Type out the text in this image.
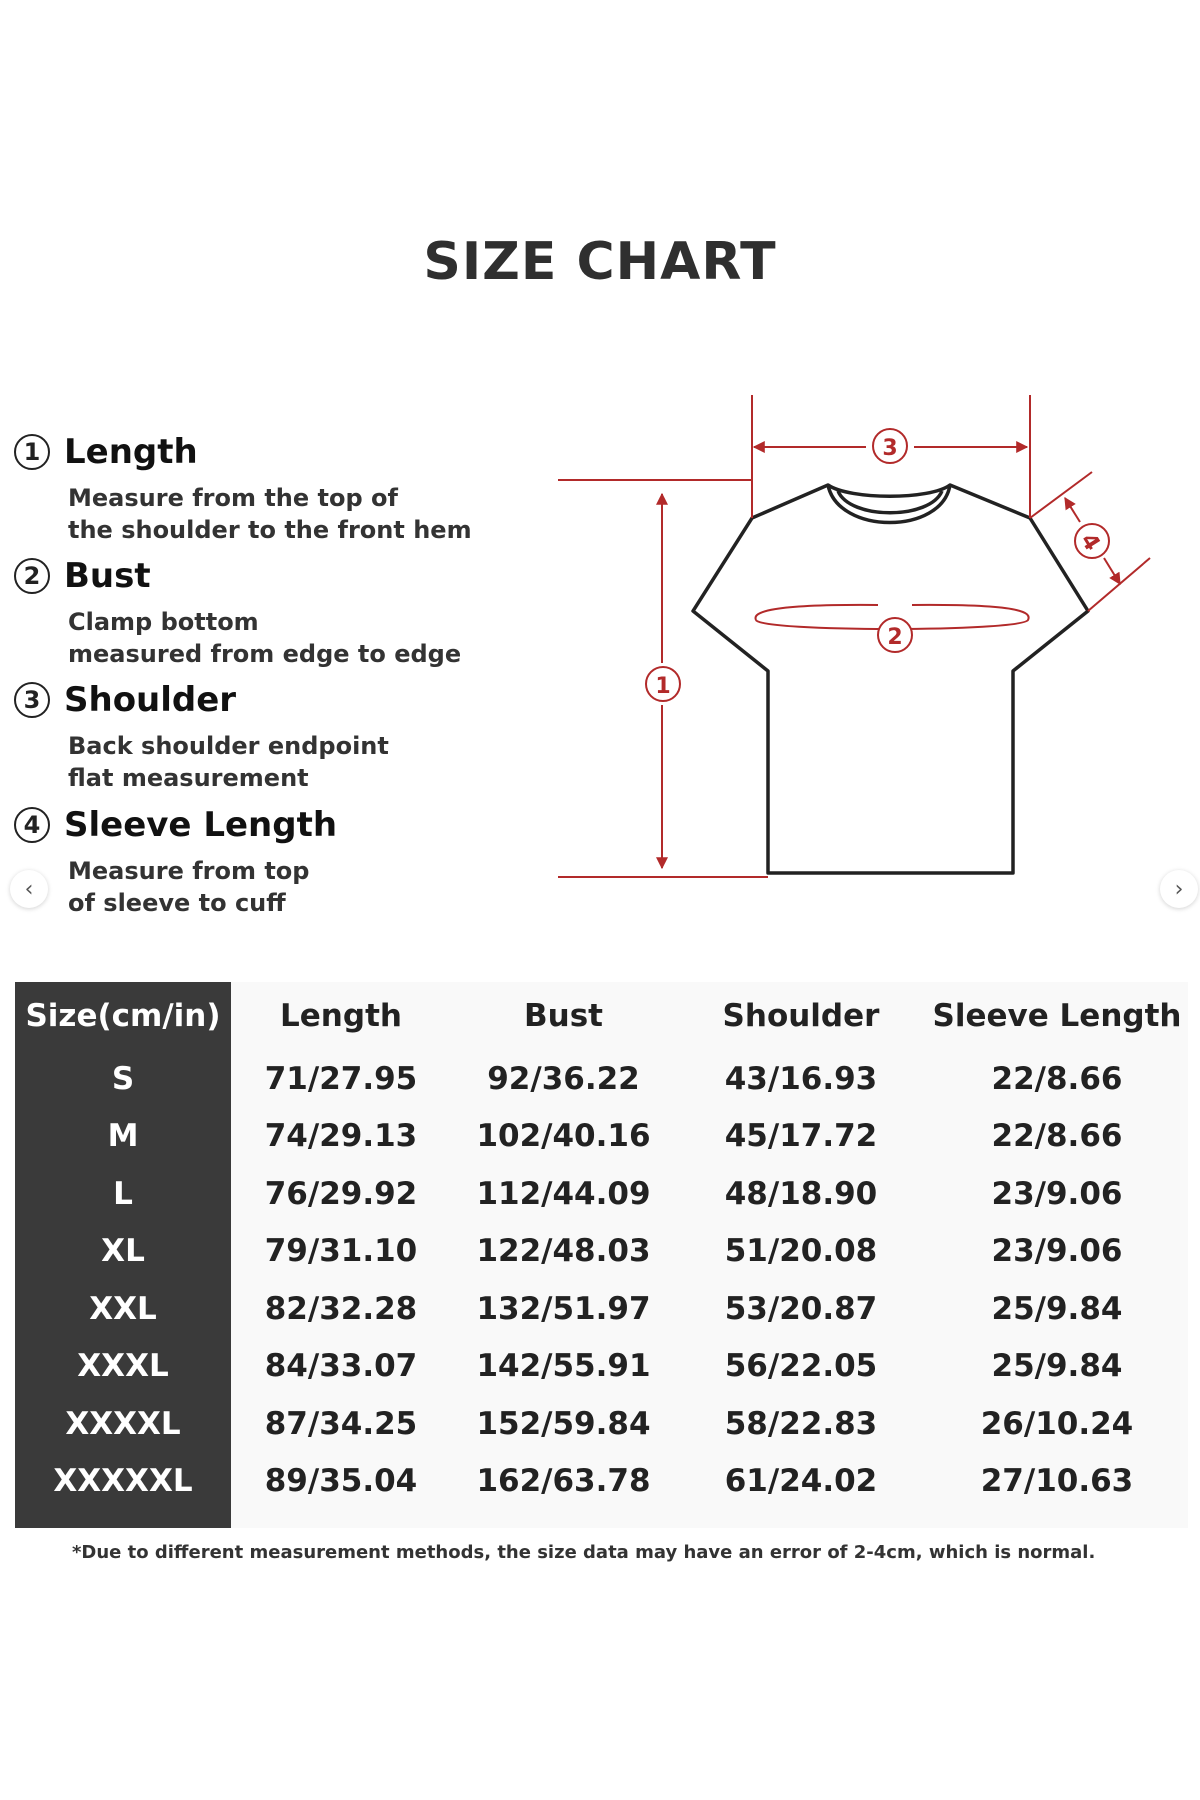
SIZE CHART
1 Length
Measure from the top of
the shoulder to the front hem
2 Bust
Clamp bottom
measured from edge to edge
3 Shoulder
Back shoulder endpoint
flat measurement
4 Sleeve Length
Measure from top
of sleeve to cuff
3
1
2
4
‹	›
Size(cm/in)
S
M
L
XL
XXL
XXXL
XXXXL
XXXXXL
Length
71/27.95
74/29.13
76/29.92
79/31.10
82/32.28
84/33.07
87/34.25
89/35.04
Bust
92/36.22
102/40.16
112/44.09
122/48.03
132/51.97
142/55.91
152/59.84
162/63.78
Shoulder
43/16.93
45/17.72
48/18.90
51/20.08
53/20.87
56/22.05
58/22.83
61/24.02
Sleeve Length
22/8.66
22/8.66
23/9.06
23/9.06
25/9.84
25/9.84
26/10.24
27/10.63
*Due to different measurement methods, the size data may have an error of 2-4cm, which is normal.
